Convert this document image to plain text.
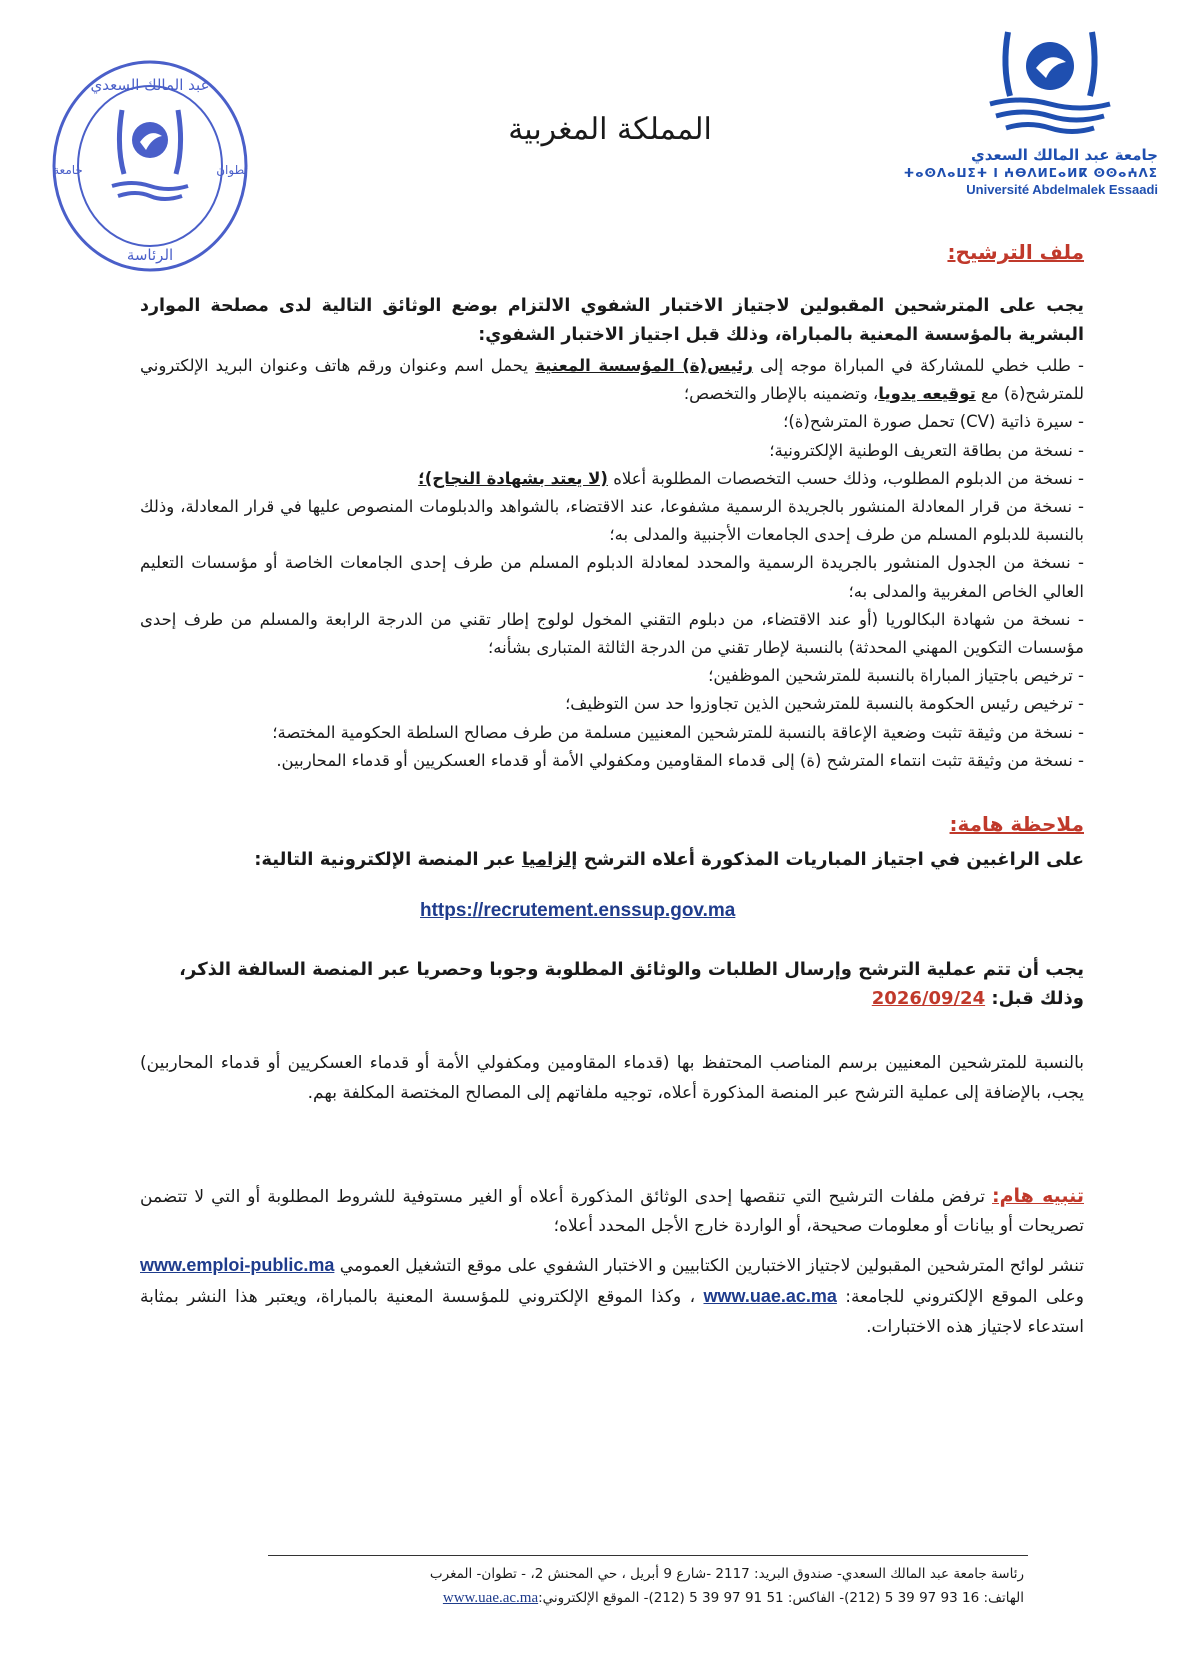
جامعة عبد المالك السعدي
ⵜⴰⵙⴷⴰⵡⵉⵜ ⵏ ⵄⴱⴷⵍⵎⴰⵍⴽ ⵙⵙⴰⵄⴷⵉ
Université Abdelmalek Essaadi
المملكة المغربية
عبد المالك السعدي
الرئاسة
جامعة	تطوان
ملف الترشيح:
يجب على المترشحين المقبولين لاجتياز الاختبار الشفوي الالتزام بوضع الوثائق التالية لدى مصلحة الموارد البشرية بالمؤسسة المعنية بالمباراة، وذلك قبل اجتياز الاختبار الشفوي:
- طلب خطي للمشاركة في المباراة موجه إلى رئيس(ة) المؤسسة المعنية يحمل اسم وعنوان ورقم هاتف وعنوان البريد الإلكتروني للمترشح(ة) مع توقيعه يدويا، وتضمينه بالإطار والتخصص؛
- سيرة ذاتية (CV) تحمل صورة المترشح(ة)؛
- نسخة من بطاقة التعريف الوطنية الإلكترونية؛
- نسخة من الدبلوم المطلوب، وذلك حسب التخصصات المطلوبة أعلاه (لا يعتد بشهادة النجاح)؛
- نسخة من قرار المعادلة المنشور بالجريدة الرسمية مشفوعا، عند الاقتضاء، بالشواهد والدبلومات المنصوص عليها في قرار المعادلة، وذلك بالنسبة للدبلوم المسلم من طرف إحدى الجامعات الأجنبية والمدلى به؛
- نسخة من الجدول المنشور بالجريدة الرسمية والمحدد لمعادلة الدبلوم المسلم من طرف إحدى الجامعات الخاصة أو مؤسسات التعليم العالي الخاص المغربية والمدلى به؛
- نسخة من شهادة البكالوريا (أو عند الاقتضاء، من دبلوم التقني المخول لولوج إطار تقني من الدرجة الرابعة والمسلم من طرف إحدى مؤسسات التكوين المهني المحدثة) بالنسبة لإطار تقني من الدرجة الثالثة المتبارى بشأنه؛
- ترخيص باجتياز المباراة بالنسبة للمترشحين الموظفين؛
- ترخيص رئيس الحكومة بالنسبة للمترشحين الذين تجاوزوا حد سن التوظيف؛
- نسخة من وثيقة تثبت وضعية الإعاقة بالنسبة للمترشحين المعنيين مسلمة من طرف مصالح السلطة الحكومية المختصة؛
- نسخة من وثيقة تثبت انتماء المترشح (ة) إلى قدماء المقاومين ومكفولي الأمة أو قدماء العسكريين أو قدماء المحاربين.
ملاحظة هامة:
على الراغبين في اجتياز المباريات المذكورة أعلاه الترشح إلزاميا عبر المنصة الإلكترونية التالية:
https://recrutement.enssup.gov.ma
يجب أن تتم عملية الترشح وإرسال الطلبات والوثائق المطلوبة وجوبا وحصريا عبر المنصة السالفة الذكر،
وذلك قبل: 2026/09/24
بالنسبة للمترشحين المعنيين برسم المناصب المحتفظ بها (قدماء المقاومين ومكفولي الأمة أو قدماء العسكريين أو قدماء المحاربين) يجب، بالإضافة إلى عملية الترشح عبر المنصة المذكورة أعلاه، توجيه ملفاتهم إلى المصالح المختصة المكلفة بهم.
تنبيه هام: ترفض ملفات الترشيح التي تنقصها إحدى الوثائق المذكورة أعلاه أو الغير مستوفية للشروط المطلوبة أو التي لا تتضمن تصريحات أو بيانات أو معلومات صحيحة، أو الواردة خارج الأجل المحدد أعلاه؛
تنشر لوائح المترشحين المقبولين لاجتياز الاختبارين الكتابيين و الاختبار الشفوي على موقع التشغيل العمومي www.emploi-public.ma وعلى الموقع الإلكتروني للجامعة: www.uae.ac.ma ، وكذا الموقع الإلكتروني للمؤسسة المعنية بالمباراة، ويعتبر هذا النشر بمثابة استدعاء لاجتياز هذه الاختبارات.
رئاسة جامعة عبد المالك السعدي- صندوق البريد: 2117 -شارع 9 أبريل ، حي المحنش 2، - تطوان- المغرب
الهاتف: 16 93 97 39 5 (212)- الفاكس: 51 91 97 39 5 (212)- الموقع الإلكتروني:www.uae.ac.ma
